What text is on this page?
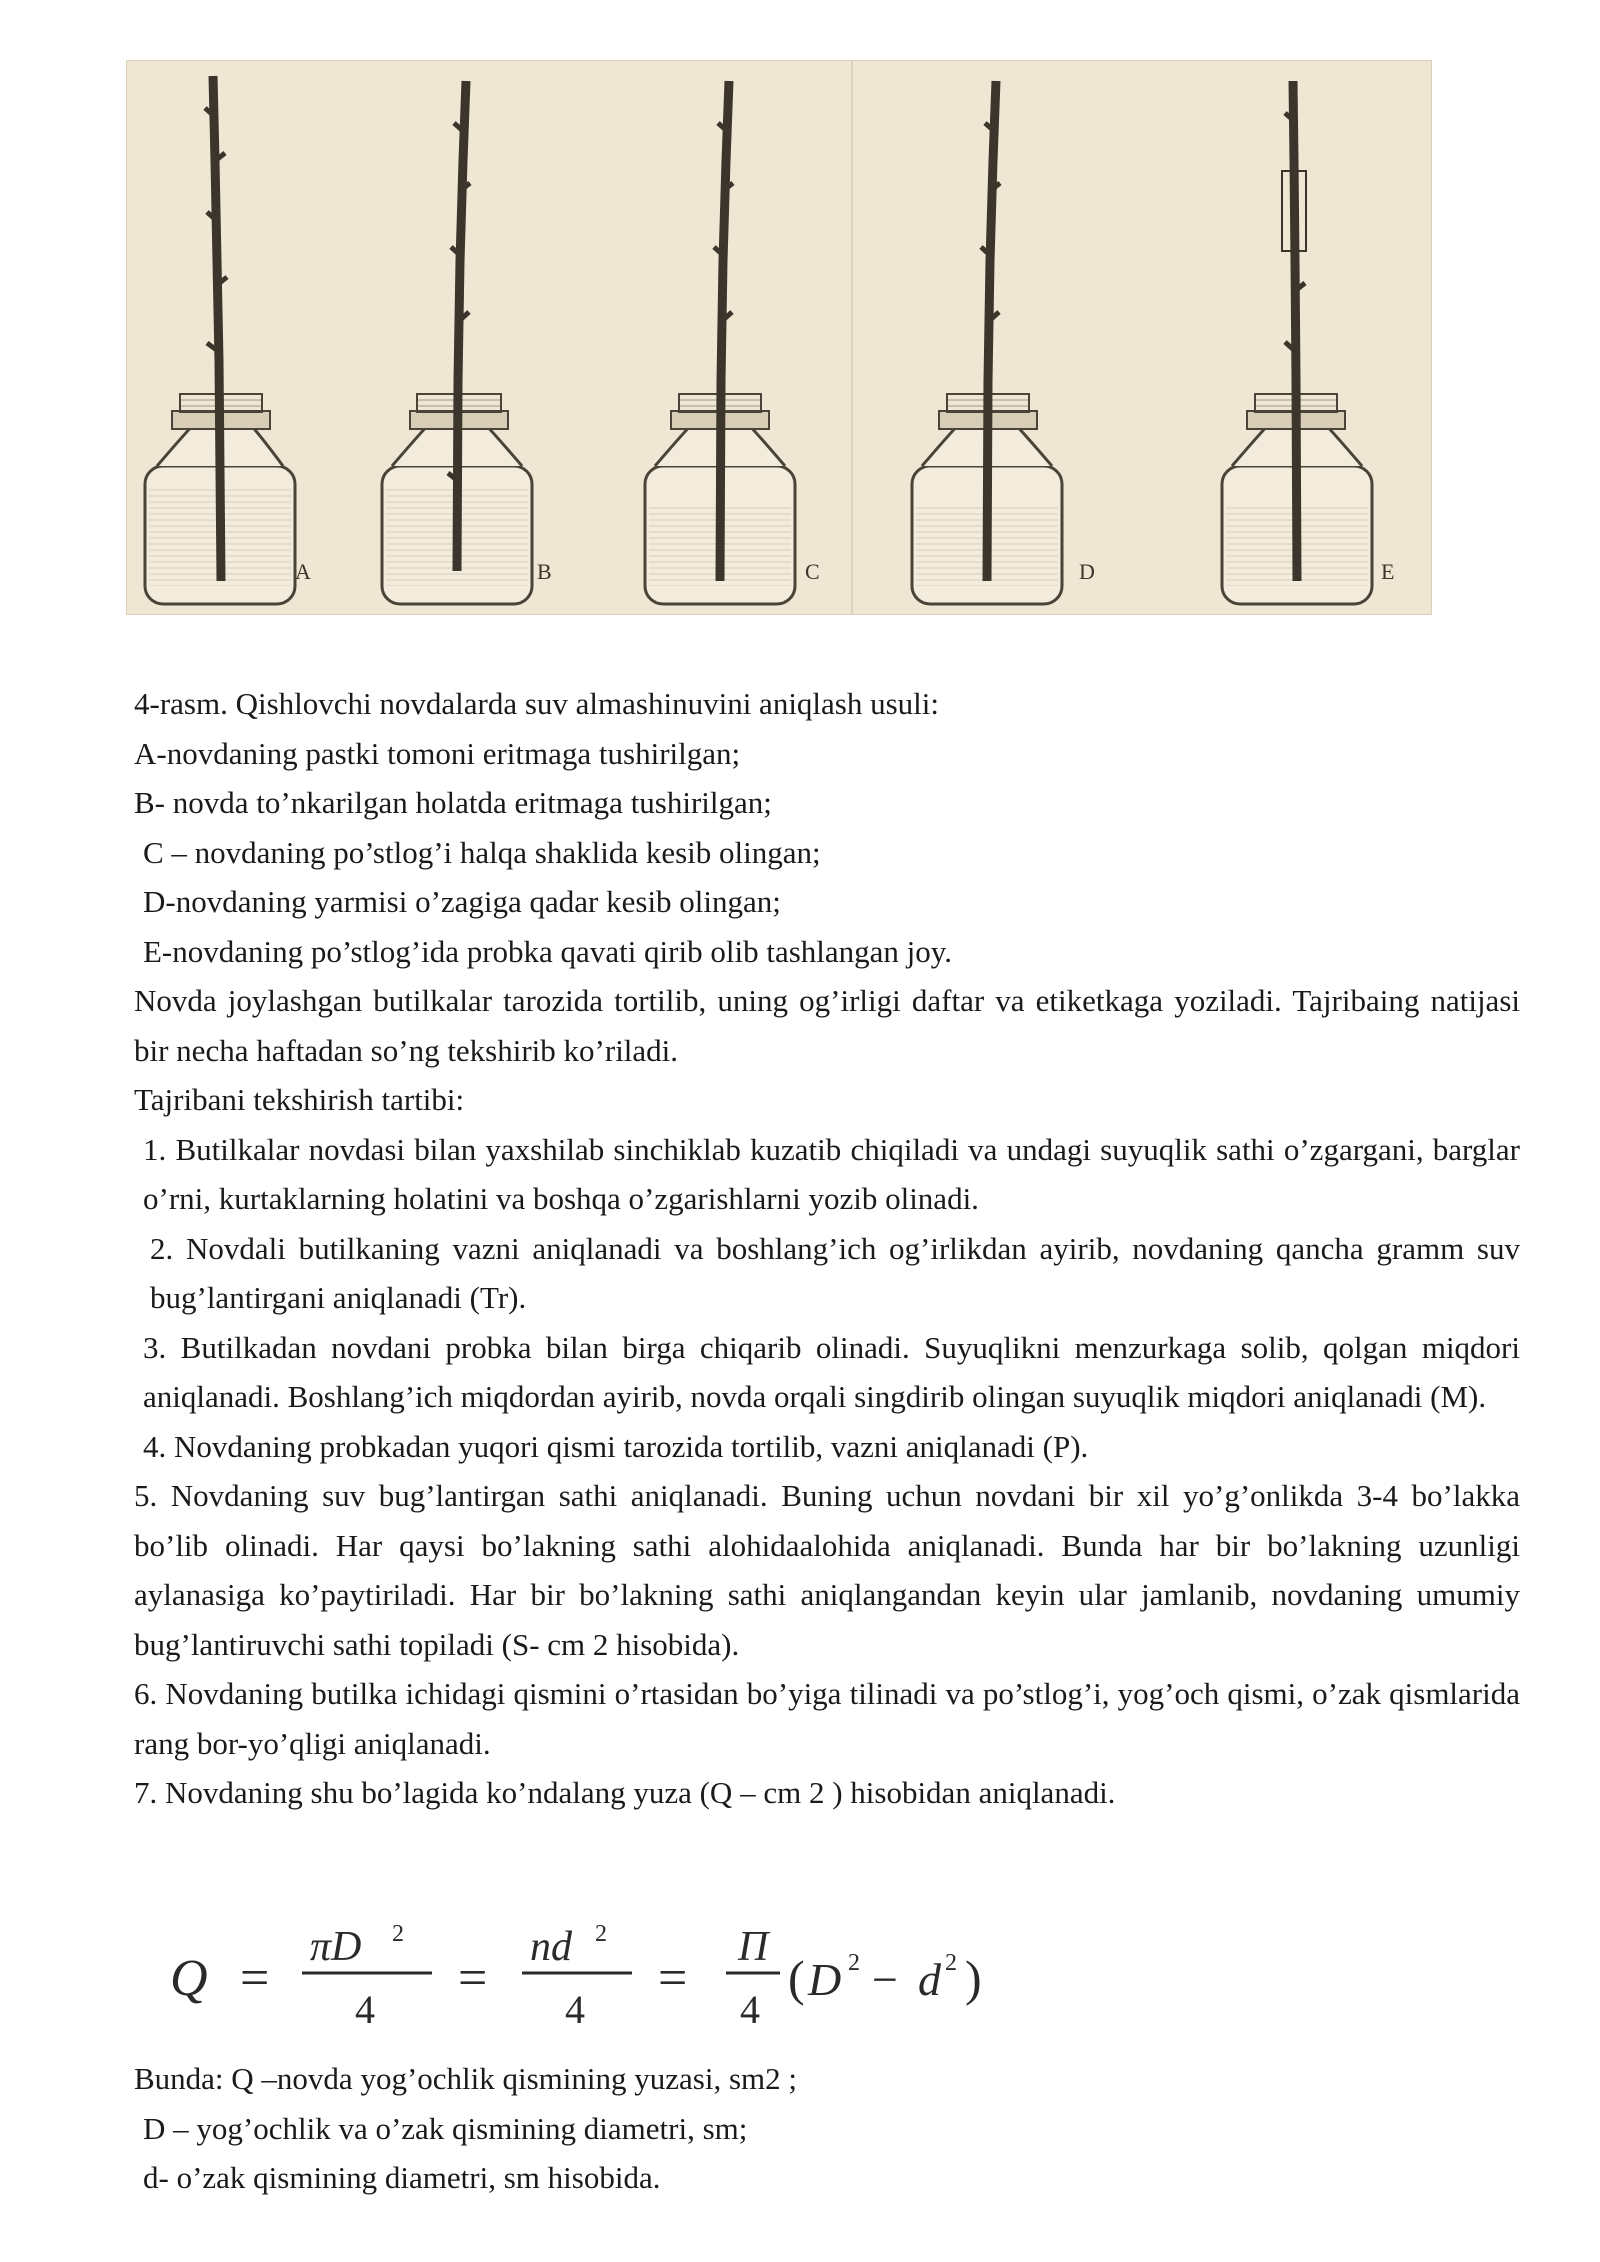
A	B	C	D	E

4-rasm. Qishlovchi novdalarda suv almashinuvini aniqlash usuli:

A-novdaning pastki tomoni eritmaga tushirilgan;

B- novda to’nkarilgan holatda eritmaga tushirilgan;

C – novdaning po’stlog’i halqa shaklida kesib olingan;

D-novdaning yarmisi o’zagiga qadar kesib olingan;

E-novdaning po’stlog’ida probka qavati qirib olib tashlangan joy.

Novda joylashgan butilkalar tarozida tortilib, uning og’irligi daftar va etiketkaga yoziladi. Tajribaing natijasi bir necha haftadan so’ng tekshirib ko’riladi.

Tajribani tekshirish tartibi:

1. Butilkalar novdasi bilan yaxshilab sinchiklab kuzatib chiqiladi va undagi suyuqlik sathi o’zgargani, barglar o’rni, kurtaklarning holatini va boshqa o’zgarishlarni yozib olinadi.

2. Novdali butilkaning vazni aniqlanadi va boshlang’ich og’irlikdan ayirib, novdaning qancha gramm suv bug’lantirgani aniqlanadi (Tr).

3. Butilkadan novdani probka bilan birga chiqarib olinadi. Suyuqlikni menzurkaga solib, qolgan miqdori aniqlanadi. Boshlang’ich miqdordan ayirib, novda orqali singdirib olingan suyuqlik miqdori aniqlanadi (M).

4. Novdaning probkadan yuqori qismi tarozida tortilib, vazni aniqlanadi (P).

5. Novdaning suv bug’lantirgan sathi aniqlanadi. Buning uchun novdani bir xil yo’g’onlikda 3-4 bo’lakka bo’lib olinadi. Har qaysi bo’lakning sathi alohidaalohida aniqlanadi. Bunda har bir bo’lakning uzunligi aylanasiga ko’paytiriladi. Har bir bo’lakning sathi aniqlangandan keyin ular jamlanib, novdaning umumiy bug’lantiruvchi sathi topiladi (S- cm 2 hisobida).

6. Novdaning butilka ichidagi qismini o’rtasidan bo’yiga tilinadi va po’stlog’i, yog’och qismi, o’zak qismlarida rang bor-yo’qligi aniqlanadi.

7. Novdaning shu bo’lagida ko’ndalang yuza (Q – cm 2 ) hisobidan aniqlanadi.

Q =
πD 2
4
=
nd 2
4
=
Π
4
( D 2 − d 2 )

Bunda: Q –novda yog’ochlik qismining yuzasi, sm2 ;

D – yog’ochlik va o’zak qismining diametri, sm;

d- o’zak qismining diametri, sm hisobida.
